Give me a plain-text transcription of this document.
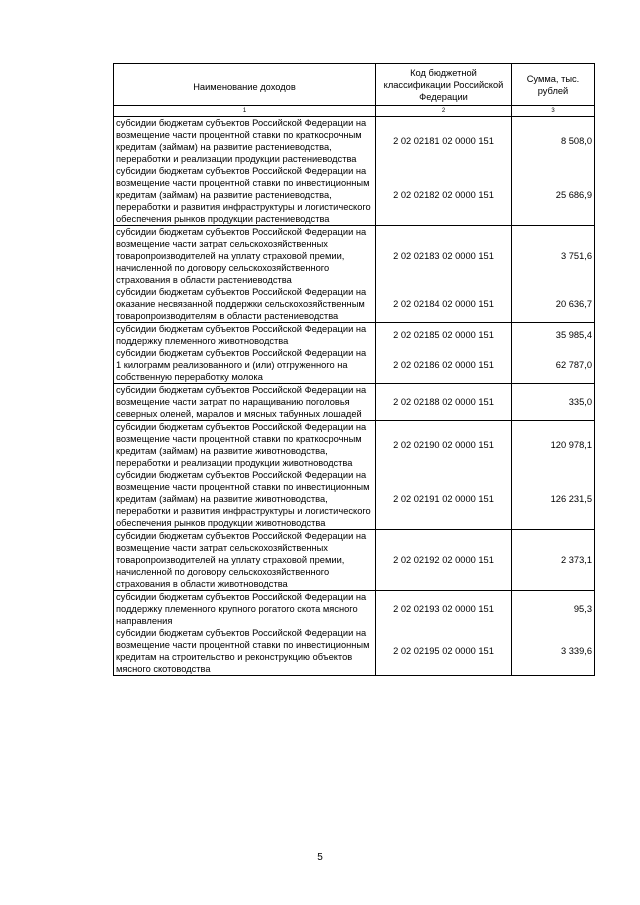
Наименование доходов	Код бюджетной классификации Российской Федерации	Сумма, тыс. рублей
1	2	3
субсидии бюджетам субъектов Российской Федерации на возмещение части процентной ставки по краткосрочным кредитам (займам) на развитие растениеводства, переработки и реализации продукции растениеводства	2 02 02181 02 0000 151	8 508,0
субсидии бюджетам субъектов Российской Федерации на возмещение части процентной ставки по инвестиционным кредитам (займам) на развитие растениеводства, переработки и развития инфраструктуры и логистического обеспечения рынков продукции растениеводства	2 02 02182 02 0000 151	25 686,9
субсидии бюджетам субъектов Российской Федерации на возмещение части затрат сельскохозяйственных товаропроизводителей на уплату страховой премии, начисленной по договору сельскохозяйственного страхования в области растениеводства	2 02 02183 02 0000 151	3 751,6
субсидии бюджетам субъектов Российской Федерации на оказание несвязанной поддержки сельскохозяйственным товаропроизводителям в области растениеводства	2 02 02184 02 0000 151	20 636,7
субсидии бюджетам субъектов Российской Федерации на поддержку племенного животноводства	2 02 02185 02 0000 151	35 985,4
субсидии бюджетам субъектов Российской Федерации на 1 килограмм реализованного и (или) отгруженного на собственную переработку молока	2 02 02186 02 0000 151	62 787,0
субсидии бюджетам субъектов Российской Федерации на возмещение части затрат по наращиванию поголовья северных оленей, маралов и мясных табунных лошадей	2 02 02188 02 0000 151	335,0
субсидии бюджетам субъектов Российской Федерации на возмещение части процентной ставки по краткосрочным кредитам (займам) на развитие животноводства, переработки и реализации продукции животноводства	2 02 02190 02 0000 151	120 978,1
субсидии бюджетам субъектов Российской Федерации на возмещение части процентной ставки по инвестиционным кредитам (займам) на развитие животноводства, переработки и развития инфраструктуры и логистического обеспечения рынков продукции животноводства	2 02 02191 02 0000 151	126 231,5
субсидии бюджетам субъектов Российской Федерации на возмещение части затрат сельскохозяйственных товаропроизводителей на уплату страховой премии, начисленной по договору сельскохозяйственного страхования в области животноводства	2 02 02192 02 0000 151	2 373,1
субсидии бюджетам субъектов Российской Федерации на поддержку племенного крупного рогатого скота мясного направления	2 02 02193 02 0000 151	95,3
субсидии бюджетам субъектов Российской Федерации на возмещение части процентной ставки по инвестиционным кредитам на строительство и реконструкцию объектов мясного скотоводства	2 02 02195 02 0000 151	3 339,6
5
